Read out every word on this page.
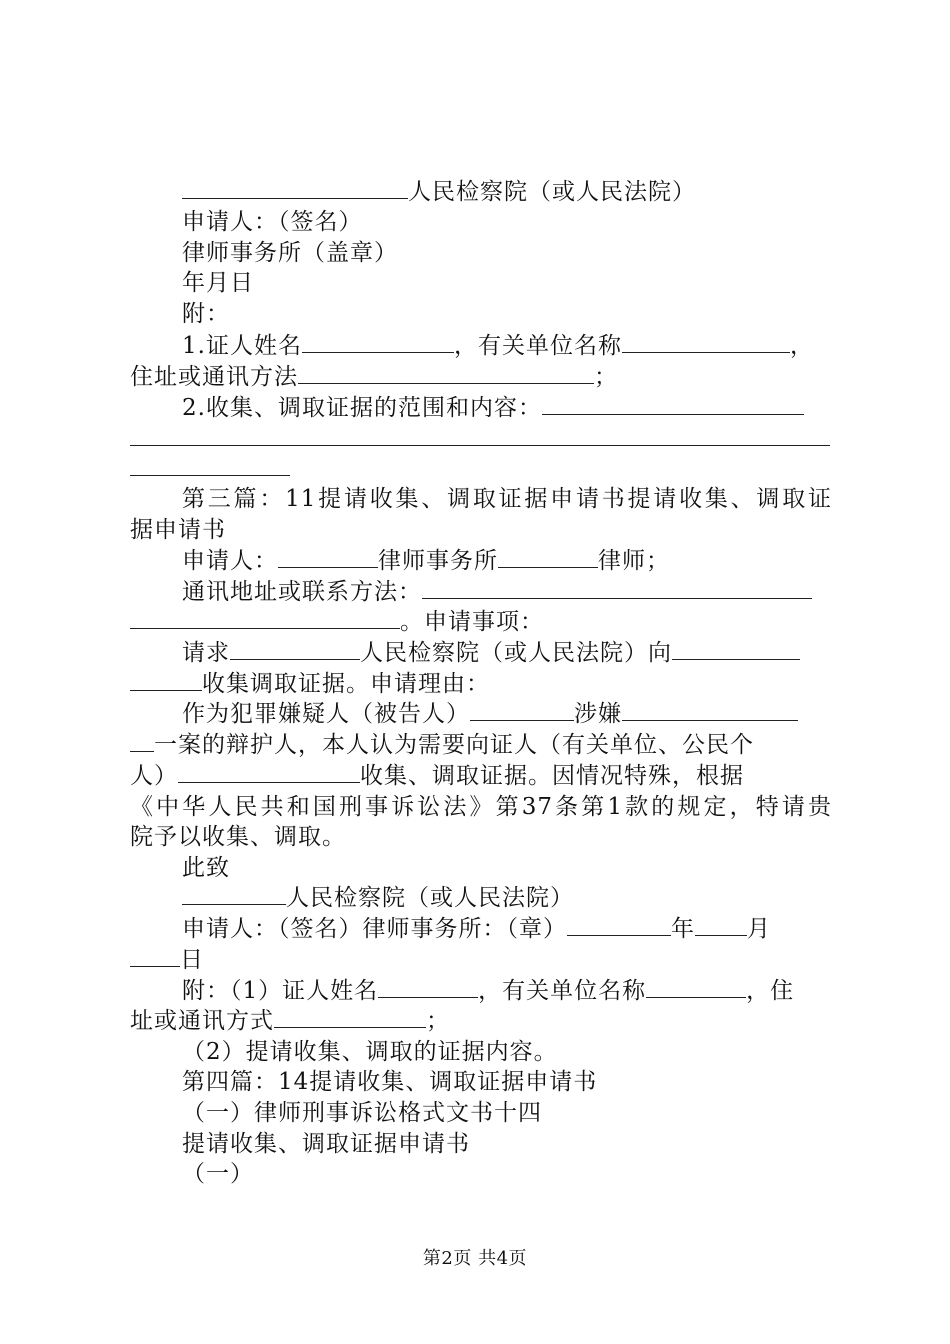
人民检察院（或人民法院）
申请人：（签名）
律师事务所（盖章）
年月日
附：
1.证人姓名	，有关单位名称	，
住址或通讯方法	；
2.收集、调取证据的范围和内容：
第三篇：11提请收集、调取证据申请书提请收集、调取证
据申请书
申请人：	律师事务所	律师；
通讯地址或联系方法：
。申请事项：
请求	人民检察院（或人民法院）向
收集调取证据。申请理由：
作为犯罪嫌疑人（被告人）	涉嫌
一案的辩护人，本人认为需要向证人（有关单位、公民个
人）	收集、调取证据。因情况特殊，根据
《中华人民共和国刑事诉讼法》第37条第1款的规定，特请贵
院予以收集、调取。
此致
人民检察院（或人民法院）
申请人：（签名）律师事务所：（章）	年 月
日
附：（1）证人姓名	，有关单位名称	，住
址或通讯方式	；
（2）提请收集、调取的证据内容。
第四篇：14提请收集、调取证据申请书
（一）律师刑事诉讼格式文书十四
提请收集、调取证据申请书
（一）
第2页 共4页
